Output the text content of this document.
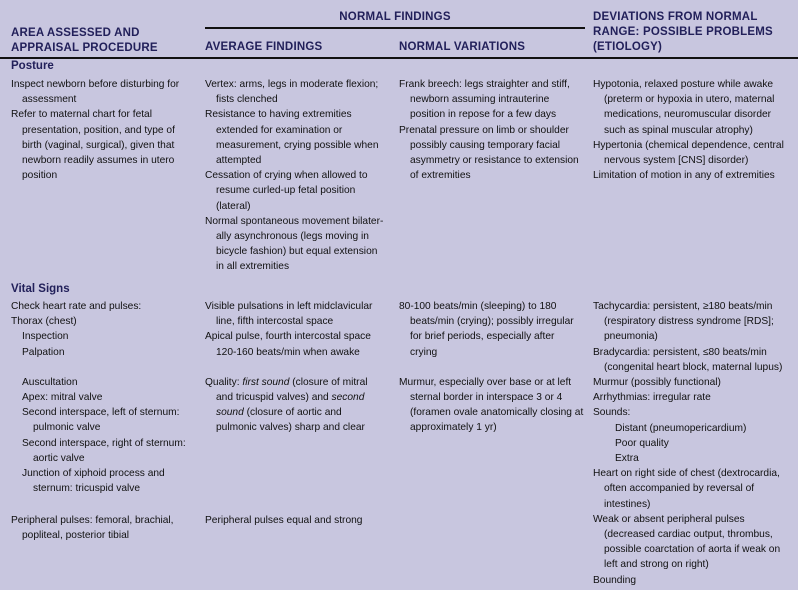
AREA ASSESSED AND
APPRAISAL PROCEDURE
NORMAL FINDINGS
AVERAGE FINDINGS	NORMAL VARIATIONS
DEVIATIONS FROM NORMAL
RANGE: POSSIBLE PROBLEMS
(ETIOLOGY)
Posture

Inspect newborn before disturbing for assessment

Refer to maternal chart for fetal presentation, position, and type of birth (vaginal, surgical), given that newborn readily assumes in utero position

Vertex: arms, legs in moderate flexion; fists clenched

Resistance to having extremities extended for examination or measurement, crying possible when attempted

Cessation of crying when allowed to resume curled-up fetal position (lateral)

Normal spontaneous movement bilater-ally asynchronous (legs moving in bicycle fashion) but equal extension in all extremities

Frank breech: legs straighter and stiff, newborn assuming intrauterine position in repose for a few days

Prenatal pressure on limb or shoulder possibly causing temporary facial asymmetry or resistance to extension of extremities

Hypotonia, relaxed posture while awake (preterm or hypoxia in utero, maternal medications, neuromuscular disorder such as spinal muscular atrophy)

Hypertonia (chemical dependence, central nervous system [CNS] disorder)

Limitation of motion in any of extremities

Vital Signs

Check heart rate and pulses:

Thorax (chest)

Inspection

Palpation

Auscultation

Apex: mitral valve

Second interspace, left of sternum: pulmonic valve

Second interspace, right of sternum: aortic valve

Junction of xiphoid process and sternum: tricuspid valve

Peripheral pulses: femoral, brachial, popliteal, posterior tibial

Visible pulsations in left midclavicular line, fifth intercostal space

Apical pulse, fourth intercostal space 120-160 beats/min when awake

Quality: first sound (closure of mitral and tricuspid valves) and second sound (closure of aortic and pulmonic valves) sharp and clear

Peripheral pulses equal and strong

80-100 beats/min (sleeping) to 180 beats/min (crying); possibly irregular for brief periods, especially after crying

Murmur, especially over base or at left sternal border in interspace 3 or 4 (foramen ovale anatomically closing at approximately 1 yr)

Tachycardia: persistent, ≥180 beats/min (respiratory distress syndrome [RDS]; pneumonia)

Bradycardia: persistent, ≤80 beats/min (congenital heart block, maternal lupus)

Murmur (possibly functional)

Arrhythmias: irregular rate

Sounds:

Distant (pneumopericardium)

Poor quality

Extra

Heart on right side of chest (dextrocardia, often accompanied by reversal of intestines)

Weak or absent peripheral pulses (decreased cardiac output, thrombus, possible coarctation of aorta if weak on left and strong on right)

Bounding
